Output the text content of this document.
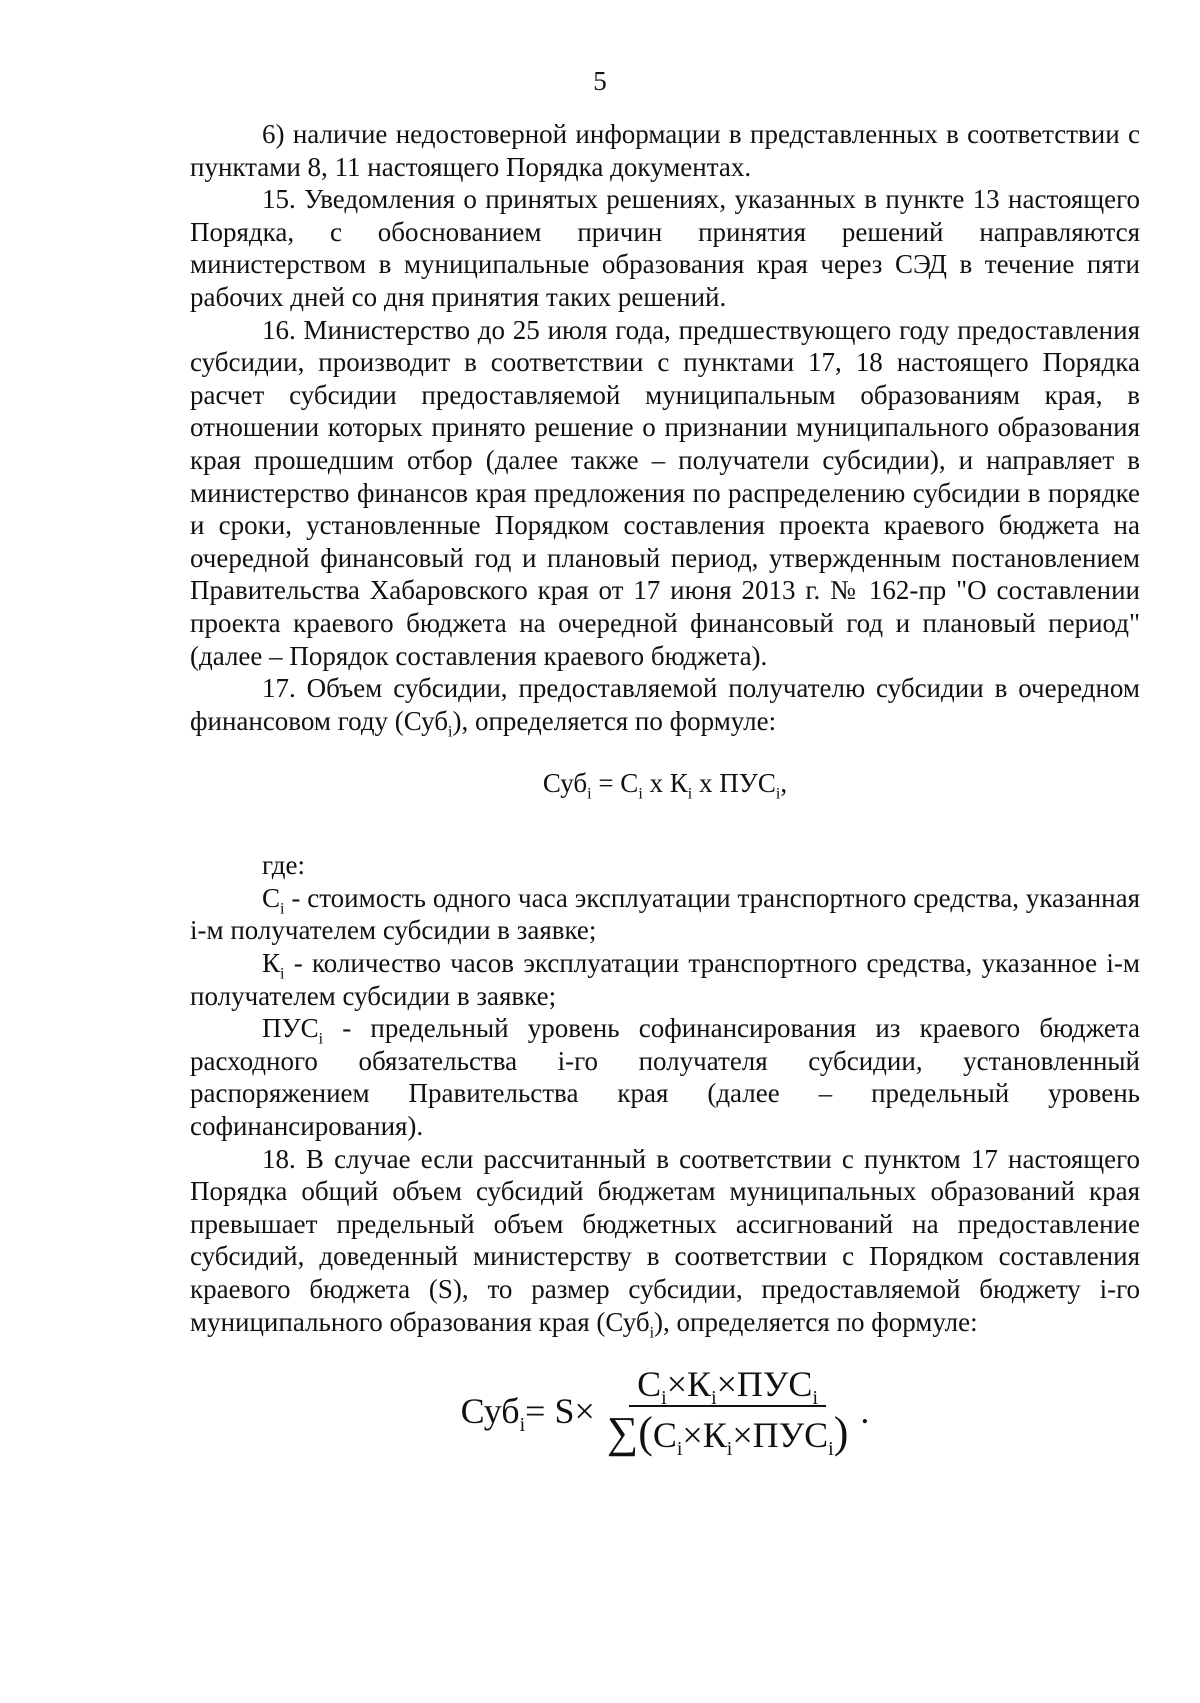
5

6) наличие недостоверной информации в представленных в соответствии с пунктами 8, 11 настоящего Порядка документах.

15. Уведомления о принятых решениях, указанных в пункте 13 настоящего Порядка, с обоснованием причин принятия решений направляются министерством в муниципальные образования края через СЭД в течение пяти рабочих дней со дня принятия таких решений.

16. Министерство до 25 июля года, предшествующего году предоставления субсидии, производит в соответствии с пунктами 17, 18 настоящего Порядка расчет субсидии предоставляемой муниципальным образованиям края, в отношении которых принято решение о признании муниципального образования края прошедшим отбор (далее также – получатели субсидии), и направляет в министерство финансов края предложения по распределению субсидии в порядке и сроки, установленные Порядком составления проекта краевого бюджета на очередной финансовый год и плановый период, утвержденным постановлением Правительства Хабаровского края от 17 июня 2013 г. № 162-пр "О составлении проекта краевого бюджета на очередной финансовый год и плановый период" (далее – Порядок составления краевого бюджета).

17. Объем субсидии, предоставляемой получателю субсидии в очередном финансовом году (Суб$_i$), определяется по формуле:

$Суб_i = С_i$ х $К_i$ х $ПУС_i$,

где:

$С_i$ - стоимость одного часа эксплуатации транспортного средства, указанная i-м получателем субсидии в заявке;

$К_i$ - количество часов эксплуатации транспортного средства, указанное i-м получателем субсидии в заявке;

$ПУС_i$ - предельный уровень софинансирования из краевого бюджета расходного обязательства i-го получателя субсидии, установленный распоряжением Правительства края (далее – предельный уровень софинансирования).

18. В случае если рассчитанный в соответствии с пунктом 17 настоящего Порядка общий объем субсидий бюджетам муниципальных образований края превышает предельный объем бюджетных ассигнований на предоставление субсидий, доведенный министерству в соответствии с Порядком составления краевого бюджета (S), то размер субсидии, предоставляемой бюджету i-го муниципального образования края (Суб$_i$), определяется по формуле:

$Суб_i = S\times \frac{С_i\times К_i\times ПУС_i}{\sum(С_i\times К_i\times ПУС_i)}$ .
